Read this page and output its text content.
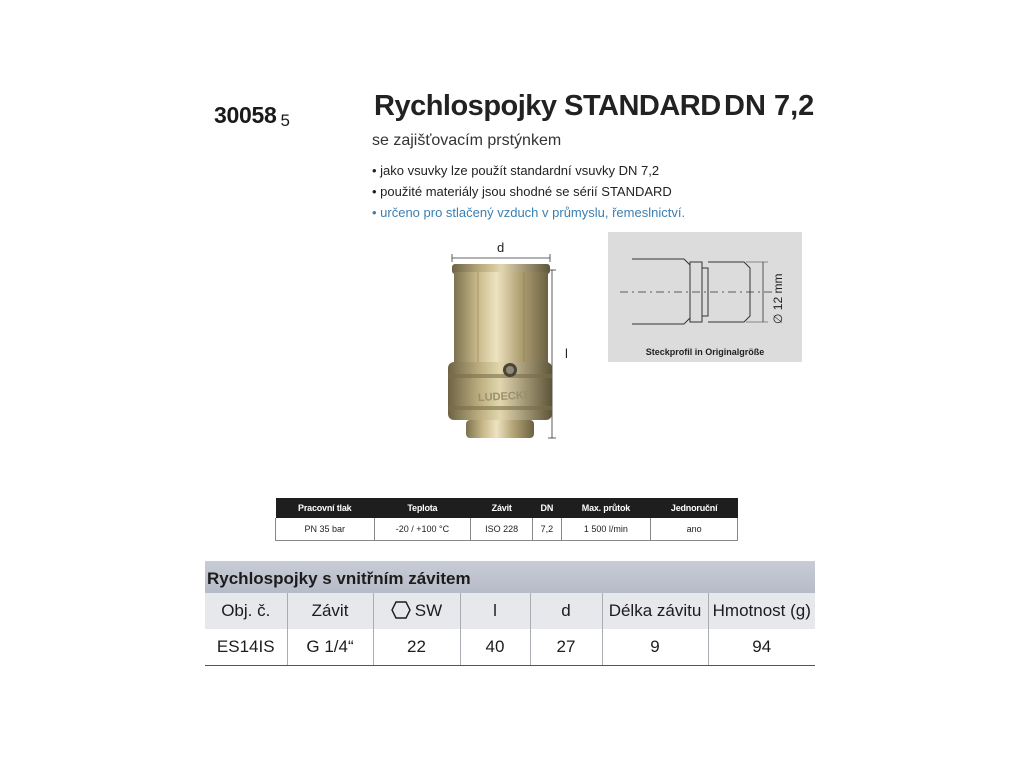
30058 5	Rychlospojky STANDARD DN 7,2
se zajišťovacím prstýnkem
• jako vsuvky lze použít standardní vsuvky DN 7,2
• použité materiály jsou shodné se sérií STANDARD
• určeno pro stlačený vzduch v průmyslu, řemeslnictví.
d
l
LUDECKE
∅ 12 mm
Steckprofil in Originalgröße
Pracovní tlak	Teplota	Závit	DN	Max. průtok	Jednoruční
PN 35 bar	-20 / +100 °C	ISO 228	7,2	1 500 l/min	ano
Rychlospojky s vnitřním závitem
Obj. č.	Závit	SW	l	d	Délka závitu	Hmotnost (g)
ES14IS	G 1/4“	22	40	27	9	94
